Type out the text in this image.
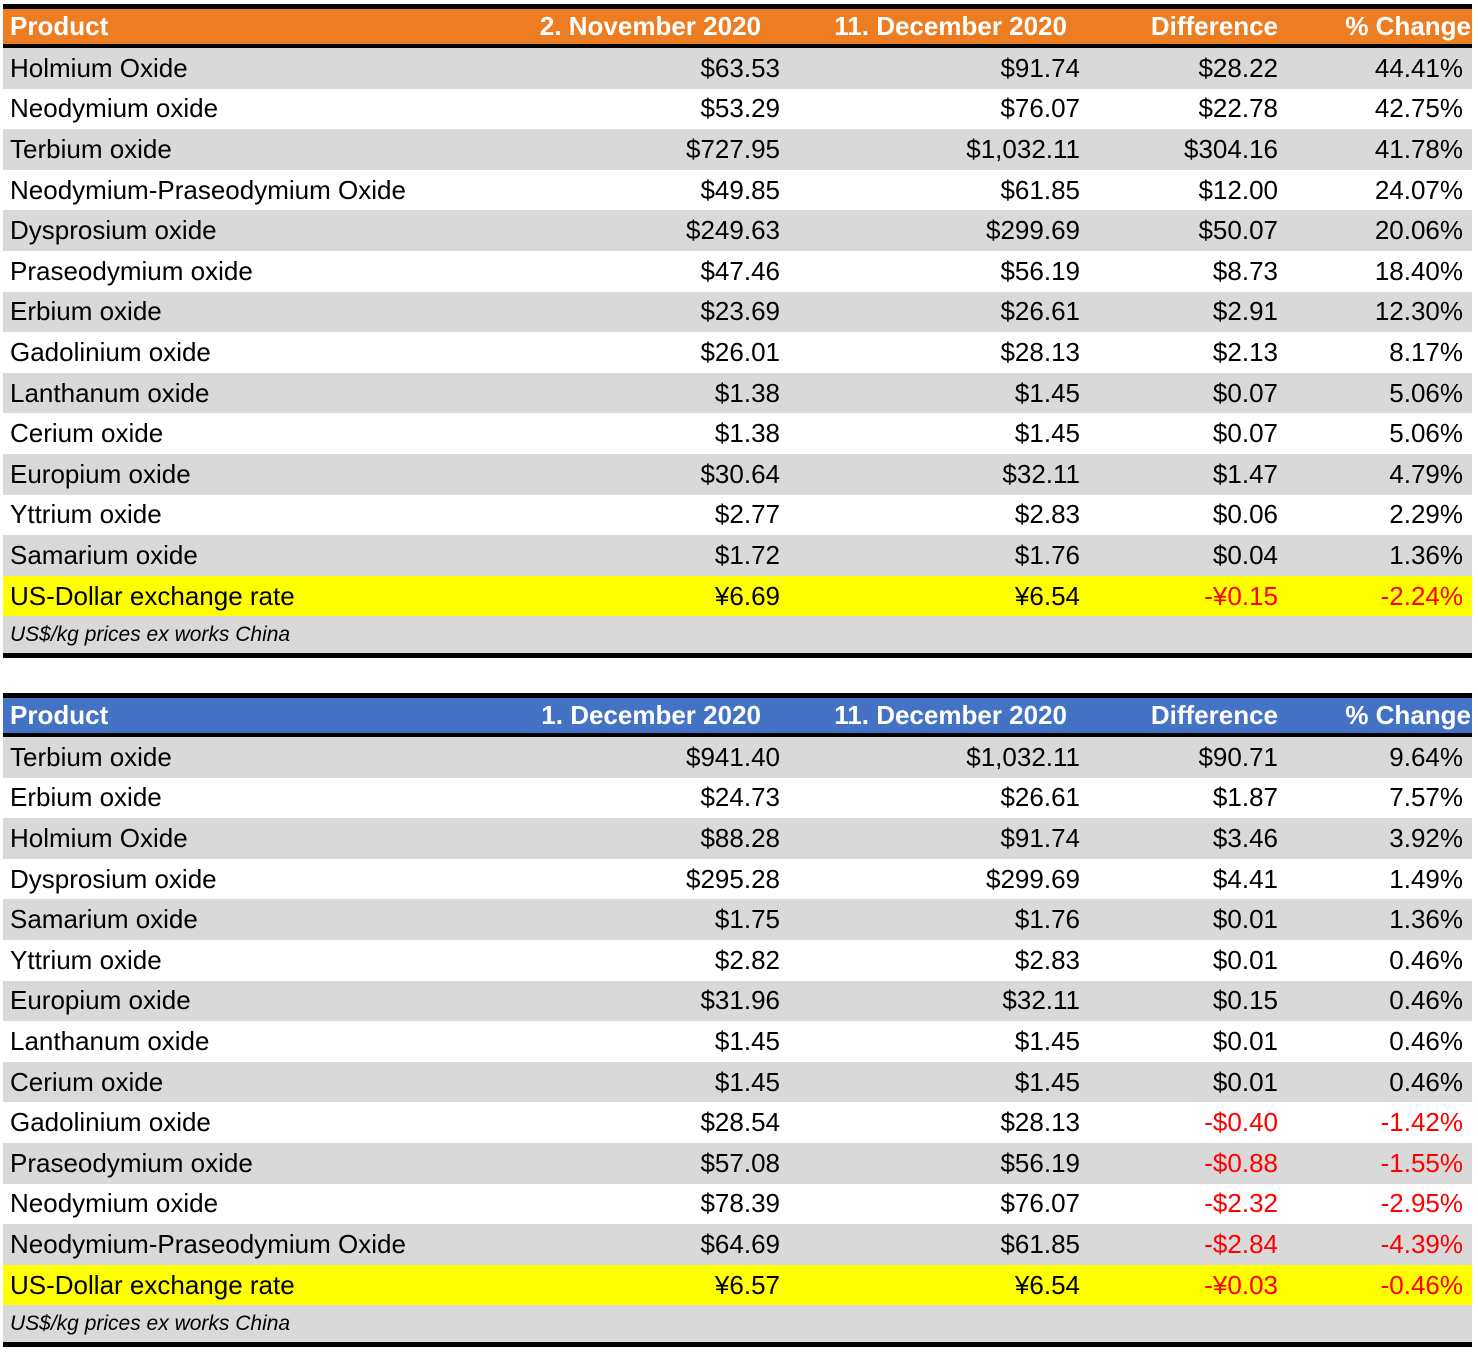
Product	2. November 2020	11. December 2020	Difference	% Change
Holmium Oxide	$63.53	$91.74	$28.22	44.41%
Neodymium oxide	$53.29	$76.07	$22.78	42.75%
Terbium oxide	$727.95	$1,032.11	$304.16	41.78%
Neodymium-Praseodymium Oxide	$49.85	$61.85	$12.00	24.07%
Dysprosium oxide	$249.63	$299.69	$50.07	20.06%
Praseodymium oxide	$47.46	$56.19	$8.73	18.40%
Erbium oxide	$23.69	$26.61	$2.91	12.30%
Gadolinium oxide	$26.01	$28.13	$2.13	8.17%
Lanthanum oxide	$1.38	$1.45	$0.07	5.06%
Cerium oxide	$1.38	$1.45	$0.07	5.06%
Europium oxide	$30.64	$32.11	$1.47	4.79%
Yttrium oxide	$2.77	$2.83	$0.06	2.29%
Samarium oxide	$1.72	$1.76	$0.04	1.36%
US-Dollar exchange rate	¥6.69	¥6.54	-¥0.15	-2.24%
US$/kg prices ex works China
Product	1. December 2020	11. December 2020	Difference	% Change
Terbium oxide	$941.40	$1,032.11	$90.71	9.64%
Erbium oxide	$24.73	$26.61	$1.87	7.57%
Holmium Oxide	$88.28	$91.74	$3.46	3.92%
Dysprosium oxide	$295.28	$299.69	$4.41	1.49%
Samarium oxide	$1.75	$1.76	$0.01	1.36%
Yttrium oxide	$2.82	$2.83	$0.01	0.46%
Europium oxide	$31.96	$32.11	$0.15	0.46%
Lanthanum oxide	$1.45	$1.45	$0.01	0.46%
Cerium oxide	$1.45	$1.45	$0.01	0.46%
Gadolinium oxide	$28.54	$28.13	-$0.40	-1.42%
Praseodymium oxide	$57.08	$56.19	-$0.88	-1.55%
Neodymium oxide	$78.39	$76.07	-$2.32	-2.95%
Neodymium-Praseodymium Oxide	$64.69	$61.85	-$2.84	-4.39%
US-Dollar exchange rate	¥6.57	¥6.54	-¥0.03	-0.46%
US$/kg prices ex works China
